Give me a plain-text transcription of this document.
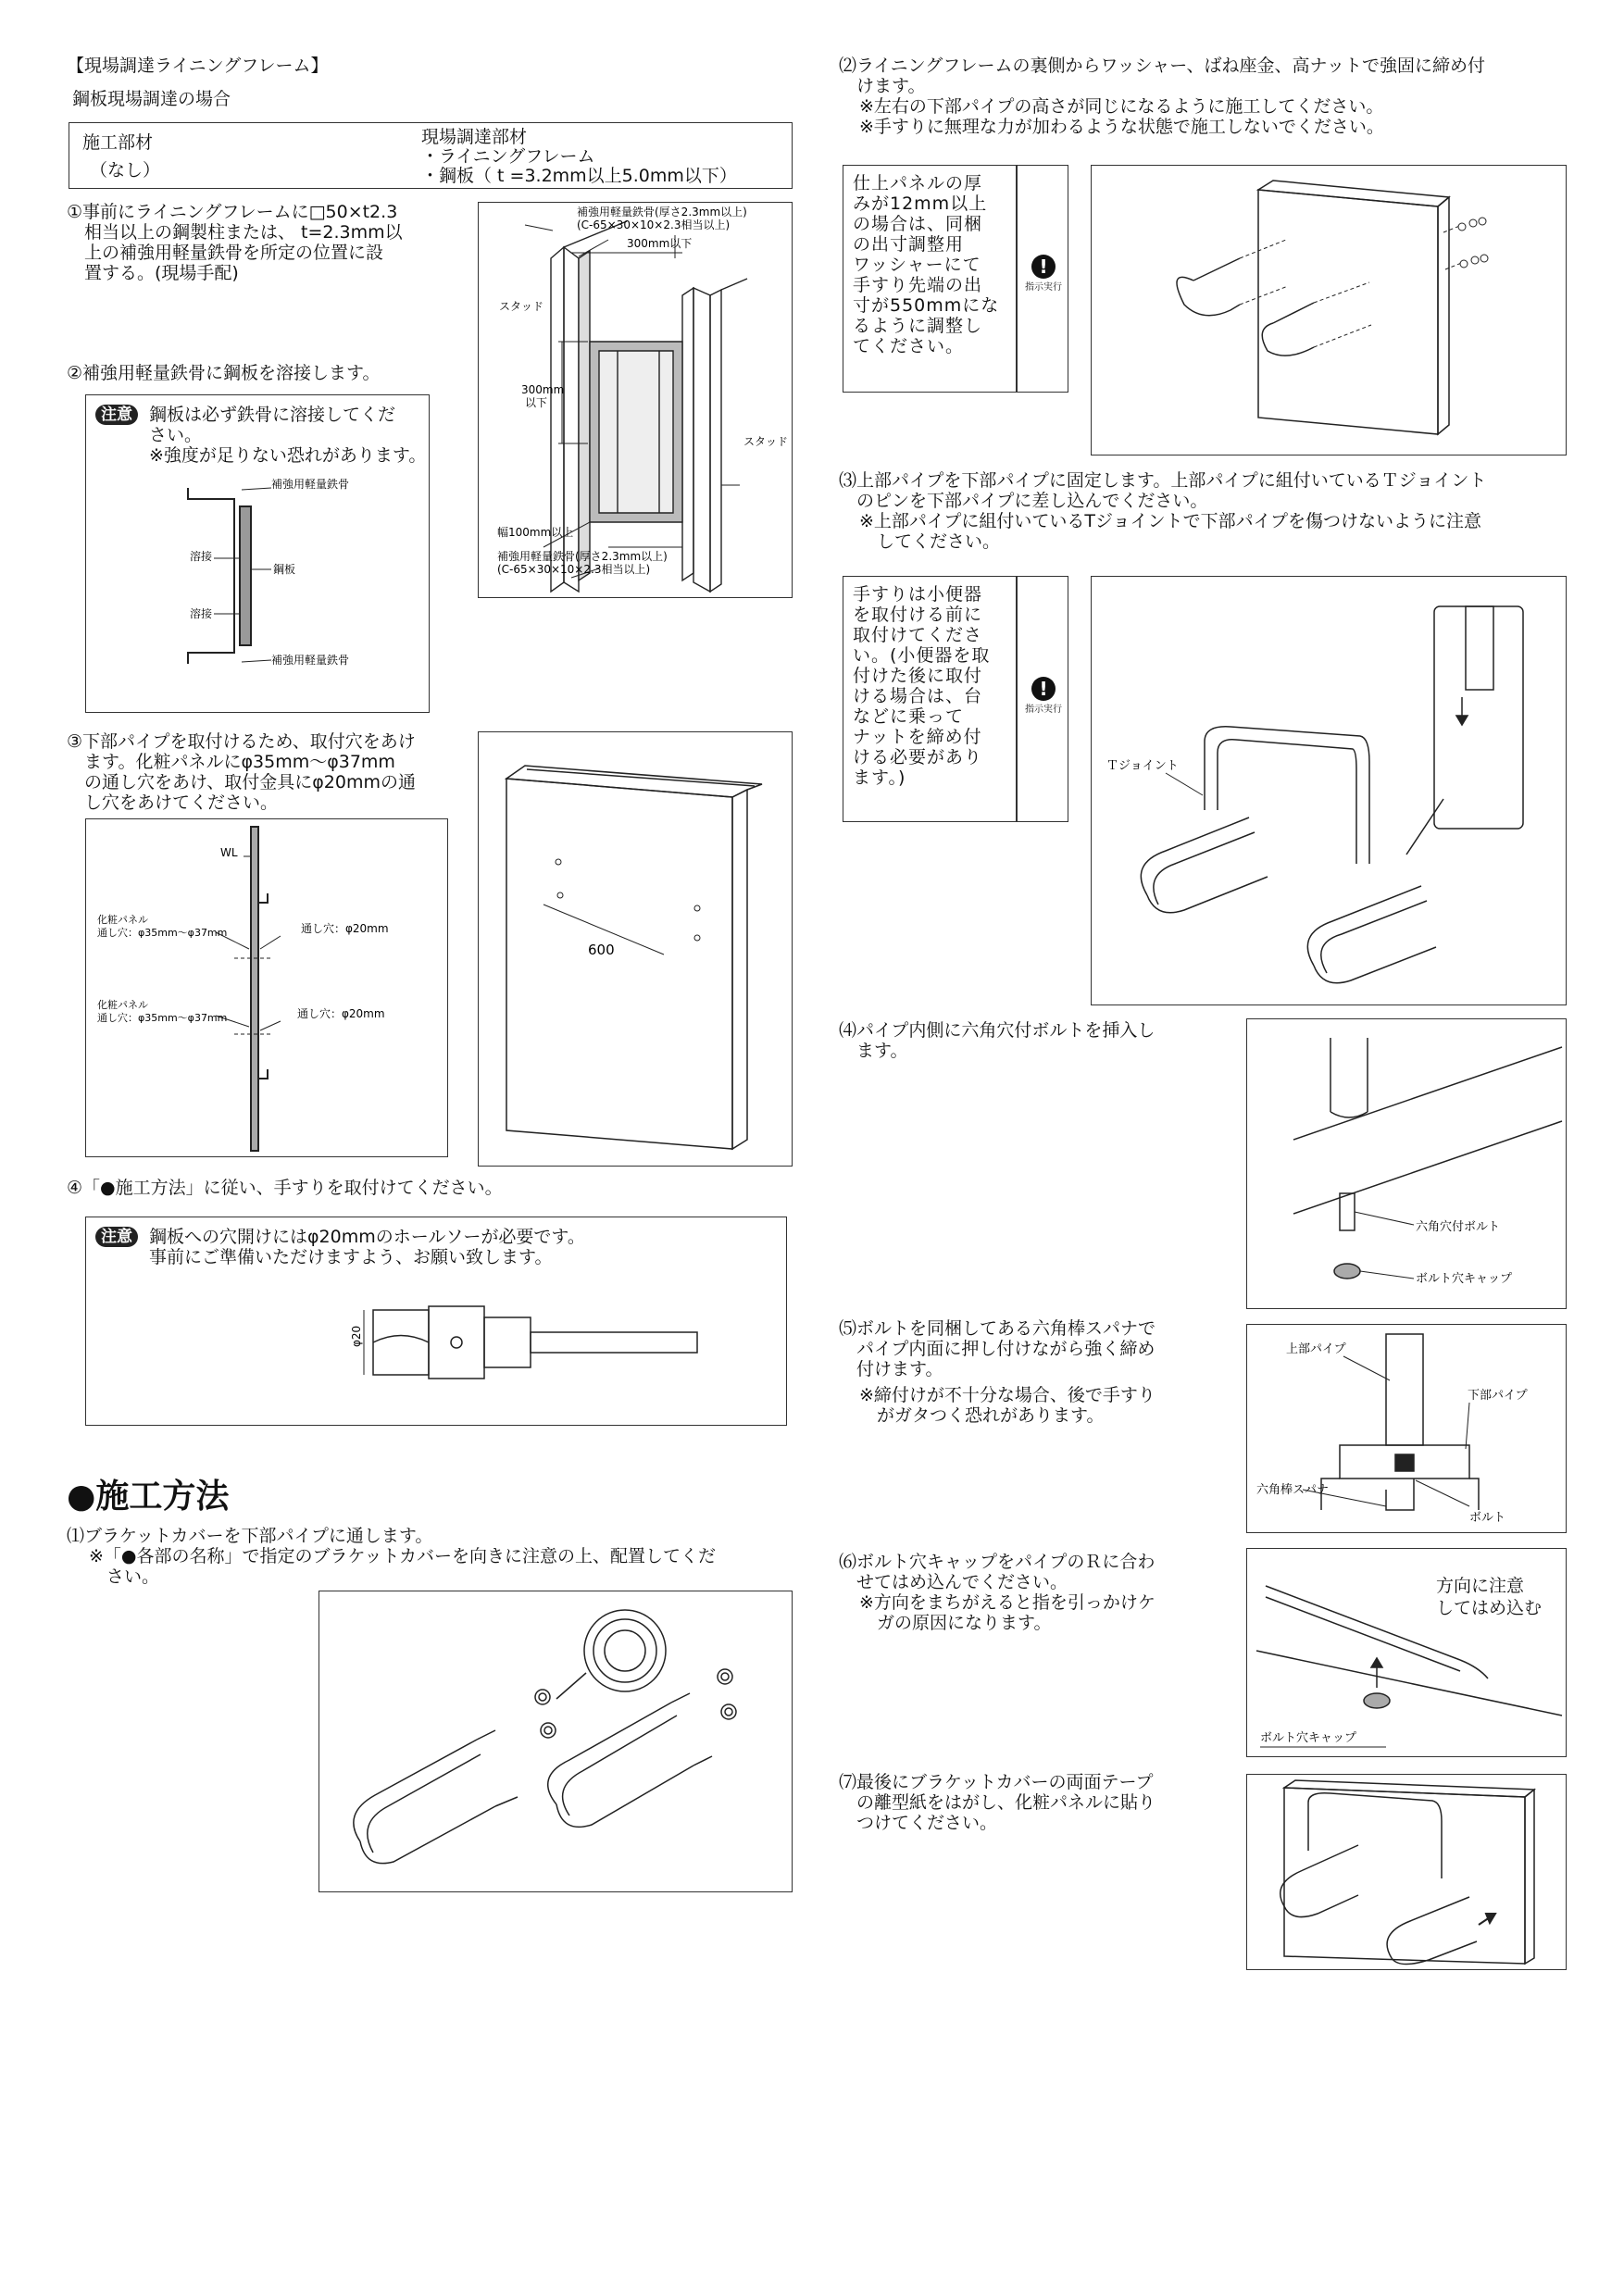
【現場調達ライニングフレーム】
鋼板現場調達の場合
施工部材
（なし）
現場調達部材
・ライニングフレーム
・鋼板（ t =3.2mm以上5.0mm以下）
①事前にライニングフレームに□50×t2.3
　相当以上の鋼製柱または、 t=2.3mm以
　上の補強用軽量鉄骨を所定の位置に設
　置する。(現場手配)
補強用軽量鉄骨(厚さ2.3mm以上)
(C-65×30×10×2.3相当以上)
300mm以下
スタッド
スタッド
300mm
以下
幅100mm以上
補強用軽量鉄骨(厚さ2.3mm以上)
(C-65×30×10×2.3相当以上)
②補強用軽量鉄骨に鋼板を溶接します。
注意 鋼板は必ず鉄骨に溶接してくだ
さい。
※強度が足りない恐れがあります。
補強用軽量鉄骨
溶接
鋼板
溶接
補強用軽量鉄骨
③下部パイプを取付けるため、取付穴をあけ
　ます。化粧パネルにφ35mm～φ37mm
　の通し穴をあけ、取付金具にφ20mmの通
　し穴をあけてください。
WL
化粧パネル
通し穴：φ35mm～φ37mm	通し穴：φ20mm
化粧パネル
通し穴：φ35mm～φ37mm	通し穴：φ20mm
600
④「●施工方法」に従い、手すりを取付けてください。
注意 鋼板への穴開けにはφ20mmのホールソーが必要です。
事前にご準備いただけますよう、お願い致します。
φ20
●施工方法
⑴ブラケットカバーを下部パイプに通します。
※「●各部の名称」で指定のブラケットカバーを向きに注意の上、配置してくだ
　さい。
⑵ライニングフレームの裏側からワッシャー、ばね座金、高ナットで強固に締め付
　けます。
※左右の下部パイプの高さが同じになるように施工してください。
※手すりに無理な力が加わるような状態で施工しないでください。
仕上パネルの厚
みが12mm以上
の場合は、同梱
の出寸調整用
ワッシャーにて
手すり先端の出
寸が550mmにな
るように調整し
てください。
!
指示実行
⑶上部パイプを下部パイプに固定します。上部パイプに組付いているＴジョイント
　のピンを下部パイプに差し込んでください。
※上部パイプに組付いているTジョイントで下部パイプを傷つけないように注意
　してください。
手すりは小便器
を取付ける前に
取付けてくださ
い。(小便器を取
付けた後に取付
ける場合は、台
などに乗って
ナットを締め付
ける必要があり
ます。)
!
指示実行
Ｔジョイント
⑷パイプ内側に六角穴付ボルトを挿入し
　ます。
六角穴付ボルト
ボルト穴キャップ
⑸ボルトを同梱してある六角棒スパナで
　パイプ内面に押し付けながら強く締め
　付けます。
※締付けが不十分な場合、後で手すり
　がガタつく恐れがあります。
上部パイプ
下部パイプ
六角棒スパナ
ボルト
⑹ボルト穴キャップをパイプのＲに合わ
　せてはめ込んでください。
※方向をまちがえると指を引っかけケ
　ガの原因になります。
ボルト穴キャップ
方向に注意
してはめ込む
⑺最後にブラケットカバーの両面テープ
　の離型紙をはがし、化粧パネルに貼り
　つけてください。
